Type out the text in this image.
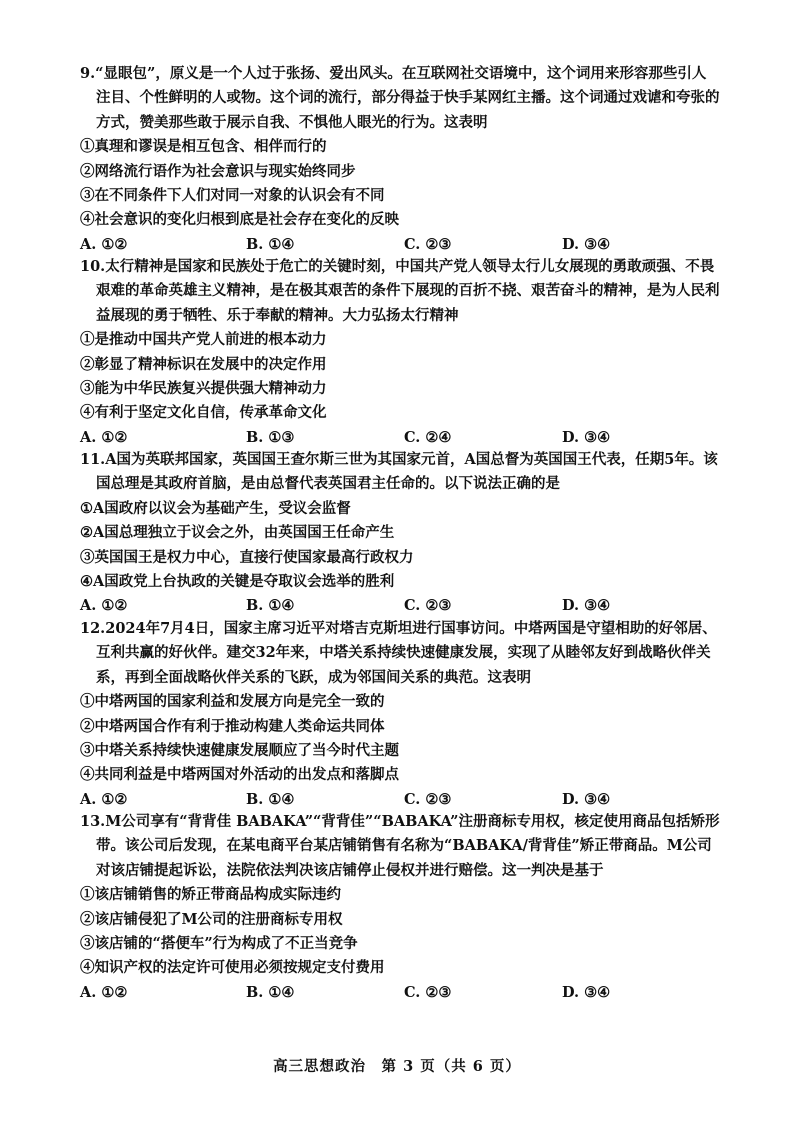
9.“显眼包”，原义是一个人过于张扬、爱出风头。在互联网社交语境中，这个词用来形容那些引人注目、个性鲜明的人或物。这个词的流行，部分得益于快手某网红主播。这个词通过戏谑和夸张的方式，赞美那些敢于展示自我、不惧他人眼光的行为。这表明
①真理和谬误是相互包含、相伴而行的
②网络流行语作为社会意识与现实始终同步
③在不同条件下人们对同一对象的认识会有不同
④社会意识的变化归根到底是社会存在变化的反映
A. ①②	B. ①④	C. ②③	D. ③④
10.太行精神是国家和民族处于危亡的关键时刻，中国共产党人领导太行儿女展现的勇敢顽强、不畏艰难的革命英雄主义精神，是在极其艰苦的条件下展现的百折不挠、艰苦奋斗的精神，是为人民利益展现的勇于牺牲、乐于奉献的精神。大力弘扬太行精神
①是推动中国共产党人前进的根本动力
②彰显了精神标识在发展中的决定作用
③能为中华民族复兴提供强大精神动力
④有利于坚定文化自信，传承革命文化
A. ①②	B. ①③	C. ②④	D. ③④
11.A国为英联邦国家，英国国王查尔斯三世为其国家元首，A国总督为英国国王代表，任期5年。该国总理是其政府首脑，是由总督代表英国君主任命的。以下说法正确的是
①A国政府以议会为基础产生，受议会监督
②A国总理独立于议会之外，由英国国王任命产生
③英国国王是权力中心，直接行使国家最高行政权力
④A国政党上台执政的关键是夺取议会选举的胜利
A. ①②	B. ①④	C. ②③	D. ③④
12.2024年7月4日，国家主席习近平对塔吉克斯坦进行国事访问。中塔两国是守望相助的好邻居、互利共赢的好伙伴。建交32年来，中塔关系持续快速健康发展，实现了从睦邻友好到战略伙伴关系，再到全面战略伙伴关系的飞跃，成为邻国间关系的典范。这表明
①中塔两国的国家利益和发展方向是完全一致的
②中塔两国合作有利于推动构建人类命运共同体
③中塔关系持续快速健康发展顺应了当今时代主题
④共同利益是中塔两国对外活动的出发点和落脚点
A. ①②	B. ①④	C. ②③	D. ③④
13.M公司享有“背背佳 BABAKA”“背背佳”“BABAKA”注册商标专用权，核定使用商品包括矫形带。该公司后发现，在某电商平台某店铺销售有名称为“BABAKA/背背佳”矫正带商品。M公司对该店铺提起诉讼，法院依法判决该店铺停止侵权并进行赔偿。这一判决是基于
①该店铺销售的矫正带商品构成实际违约
②该店铺侵犯了M公司的注册商标专用权
③该店铺的“搭便车”行为构成了不正当竞争
④知识产权的法定许可使用必须按规定支付费用
A. ①②	B. ①④	C. ②③	D. ③④
高三思想政治　第 3 页（共 6 页）
